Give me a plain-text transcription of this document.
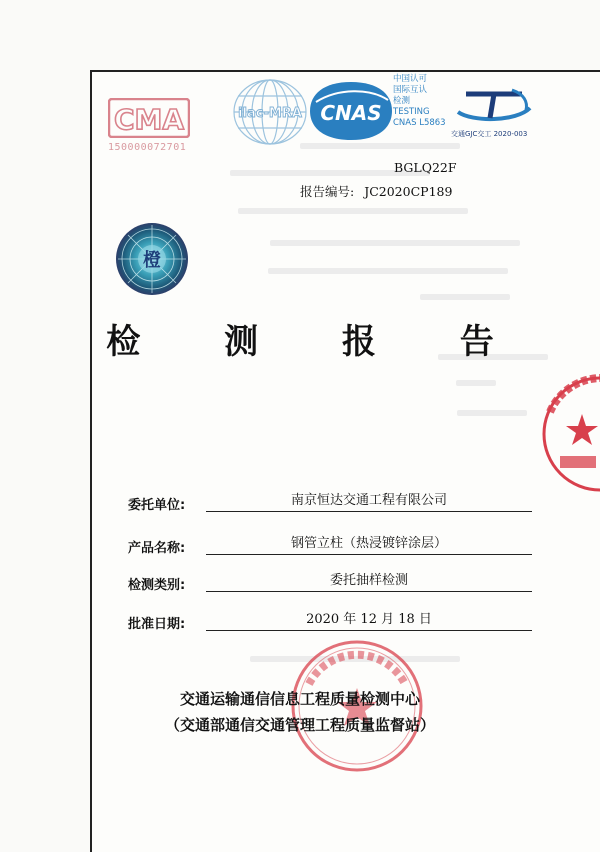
CMA
150000072701
ilac-MRA CNAS
中国认可
国际互认
检测
TESTING
CNAS L5863
交通GJC交工 2020-003
BGLQ22F
报告编号: JC2020CP189
橙
检 测 报 告
委托单位:	南京恒达交通工程有限公司
产品名称:	钢管立柱（热浸镀锌涂层）
检测类别:	委托抽样检测
批准日期:	2020 年 12 月 18 日
交通运输通信信息工程质量检测中心
（交通部通信交通管理工程质量监督站）
